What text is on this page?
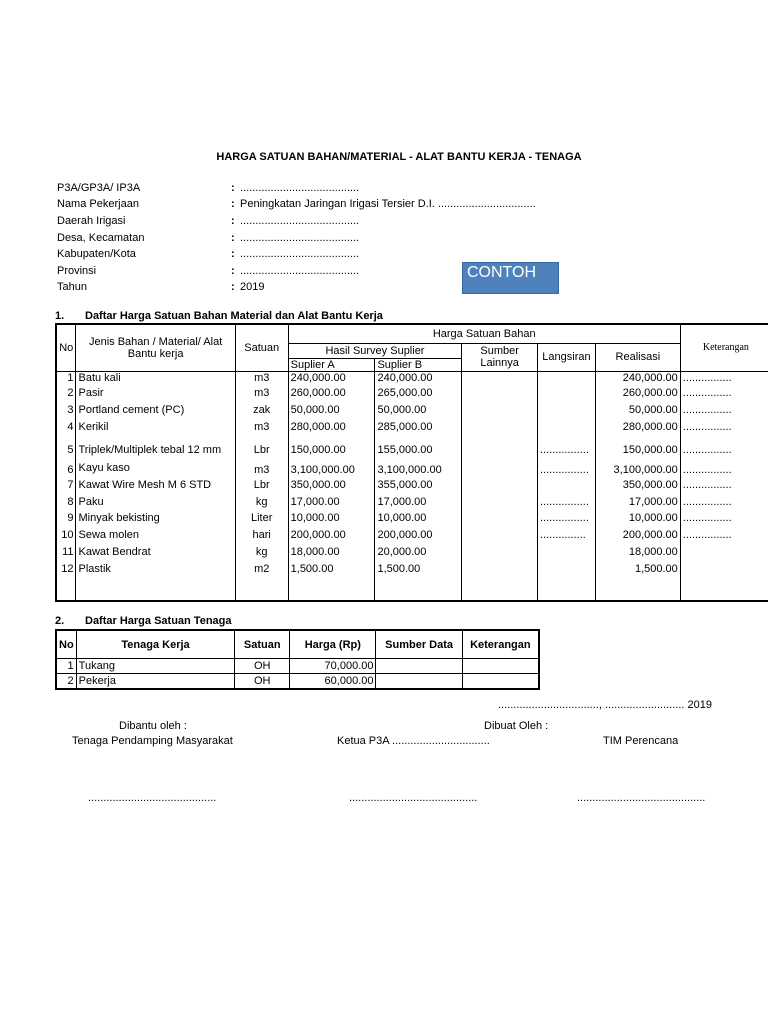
HARGA SATUAN BAHAN/MATERIAL - ALAT BANTU KERJA - TENAGA
P3A/GP3A/ IP3A	: .......................................
Nama Pekerjaan	: Peningkatan Jaringan Irigasi Tersier D.I. ................................
Daerah Irigasi	: .......................................
Desa, Kecamatan	: .......................................
Kabupaten/Kota	: .......................................
Provinsi	: .......................................
Tahun	: 2019
CONTOH
1. Daftar Harga Satuan Bahan Material dan Alat Bantu Kerja
No	Jenis Bahan / Material/ Alat Bantu kerja	Satuan	Harga Satuan Bahan					Keterangan
			Hasil Survey Suplier		Sumber Lainnya	Langsiran	Realisasi	
			Suplier A	Suplier B				
1	Batu kali	m3	240,000.00	240,000.00			240,000.00	................
2	Pasir	m3	260,000.00	265,000.00			260,000.00	................
3	Portland cement (PC)	zak	50,000.00	50,000.00			50,000.00	................
4	Kerikil	m3	280,000.00	285,000.00			280,000.00	................
5	Triplek/Multiplek tebal 12 mm	Lbr	150,000.00	155,000.00		................	150,000.00	................
6	Kayu kaso	m3	3,100,000.00	3,100,000.00		................	3,100,000.00	................
7	Kawat Wire Mesh M 6 STD	Lbr	350,000.00	355,000.00			350,000.00	................
8	Paku	kg	17,000.00	17,000.00		................	17,000.00	................
9	Minyak bekisting	Liter	10,000.00	10,000.00		................	10,000.00	................
10	Sewa molen	hari	200,000.00	200,000.00		...............	200,000.00	................
11	Kawat Bendrat	kg	18,000.00	20,000.00			18,000.00	
12	Plastik	m2	1,500.00	1,500.00			1,500.00	

2. Daftar Harga Satuan Tenaga
No	Tenaga Kerja	Satuan	Harga (Rp)	Sumber Data	Keterangan
1	Tukang	OH	70,000.00		
2	Pekerja	OH	60,000.00		
................................., .......................... 2019
Dibantu oleh :	Dibuat Oleh :
Tenaga Pendamping Masyarakat	Ketua P3A ................................	TIM Perencana
..........................................	..........................................	..........................................
